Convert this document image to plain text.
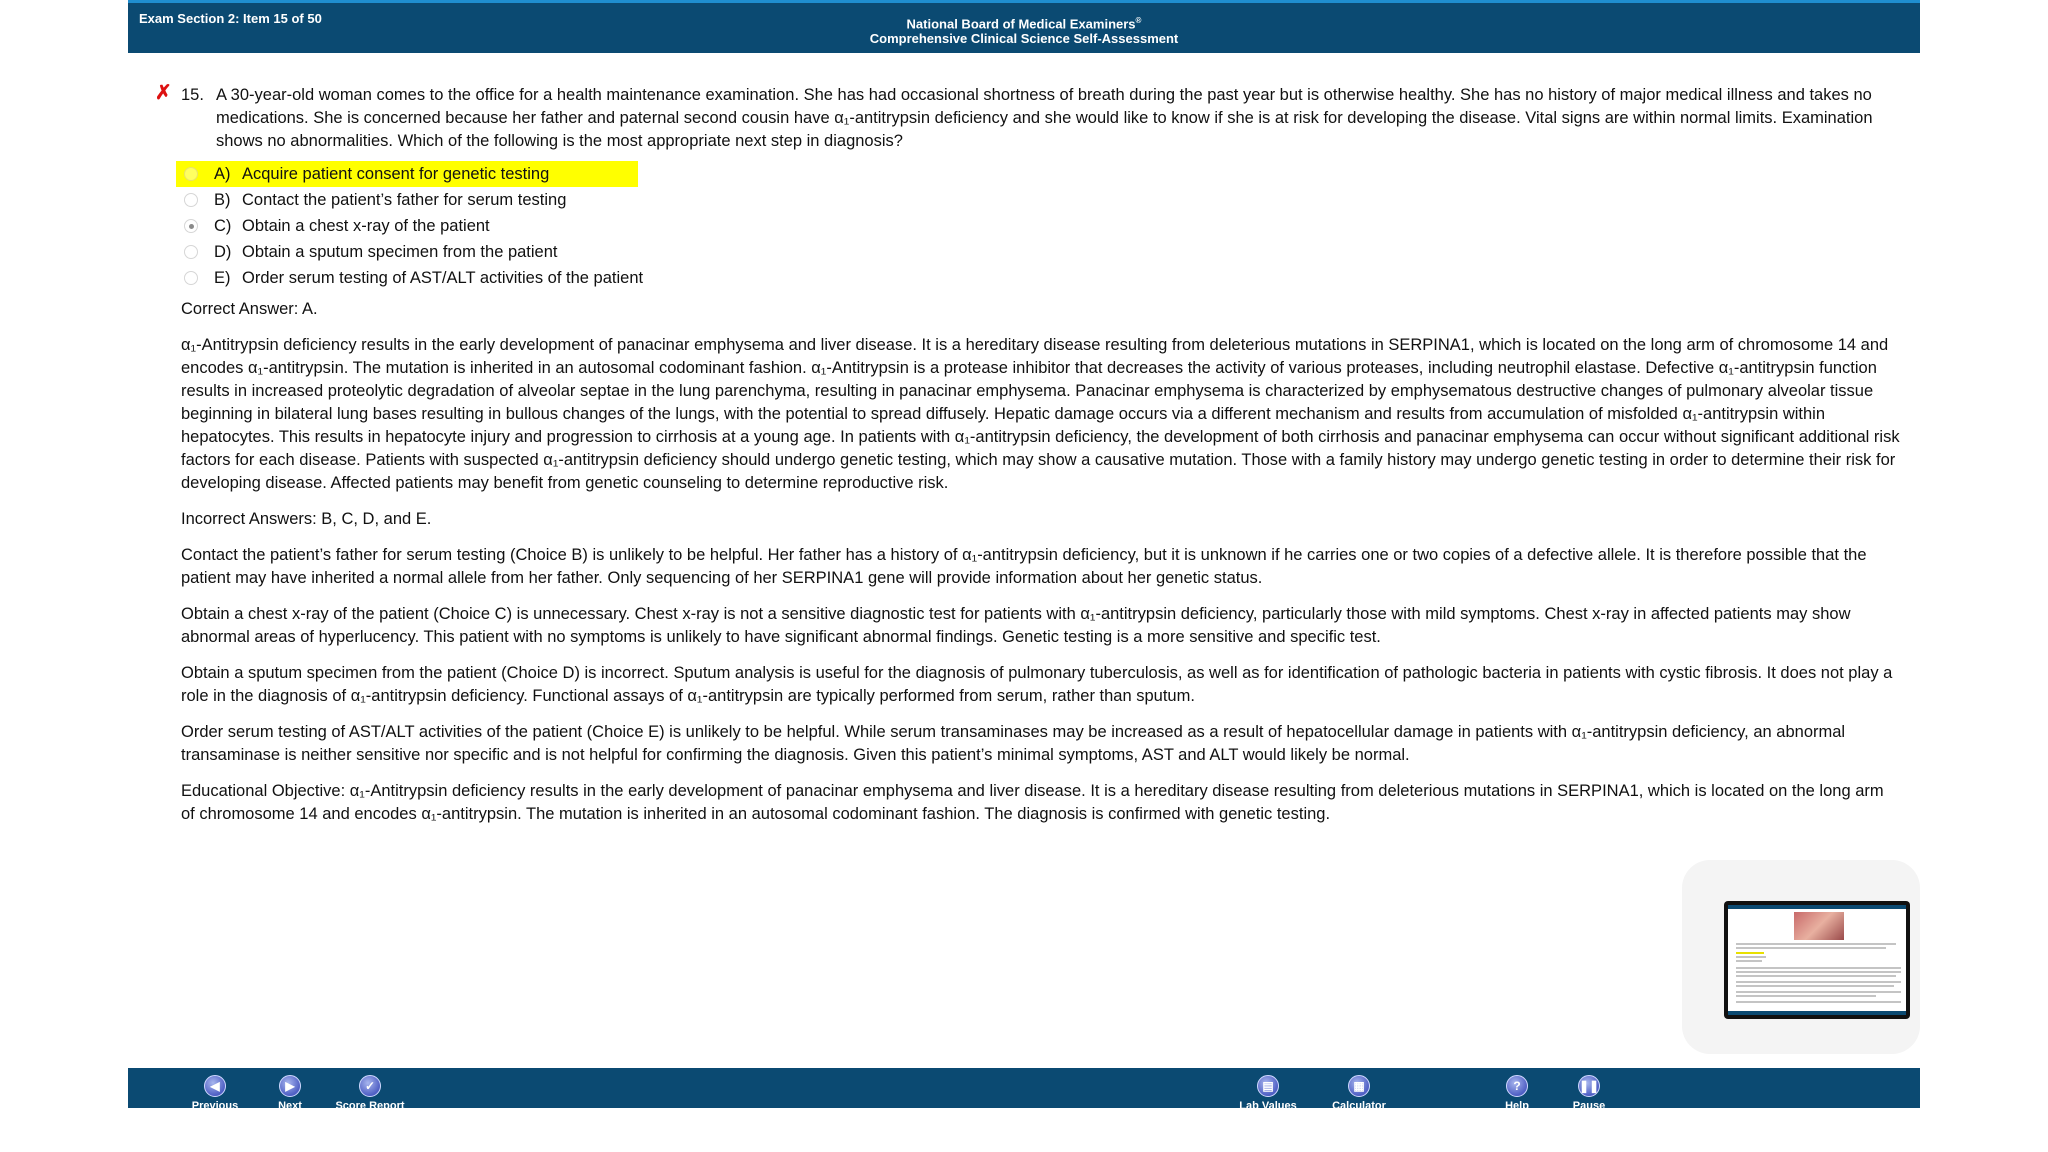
Exam Section 2: Item 15 of 50	National Board of Medical Examiners®
Comprehensive Clinical Science Self-Assessment
✗ 15. A 30-year-old woman comes to the office for a health maintenance examination. She has had occasional shortness of breath during the past year but is otherwise healthy. She has no history of major medical illness and takes no medications. She is concerned because her father and paternal second cousin have α₁-antitrypsin deficiency and she would like to know if she is at risk for developing the disease. Vital signs are within normal limits. Examination shows no abnormalities. Which of the following is the most appropriate next step in diagnosis?
A) Acquire patient consent for genetic testing
B) Contact the patient’s father for serum testing
C) Obtain a chest x-ray of the patient
D) Obtain a sputum specimen from the patient
E) Order serum testing of AST/ALT activities of the patient
Correct Answer: A.

α₁-Antitrypsin deficiency results in the early development of panacinar emphysema and liver disease. It is a hereditary disease resulting from deleterious mutations in SERPINA1, which is located on the long arm of chromosome 14 and encodes α₁-antitrypsin. The mutation is inherited in an autosomal codominant fashion. α₁-Antitrypsin is a protease inhibitor that decreases the activity of various proteases, including neutrophil elastase. Defective α₁-antitrypsin function results in increased proteolytic degradation of alveolar septae in the lung parenchyma, resulting in panacinar emphysema. Panacinar emphysema is characterized by emphysematous destructive changes of pulmonary alveolar tissue beginning in bilateral lung bases resulting in bullous changes of the lungs, with the potential to spread diffusely. Hepatic damage occurs via a different mechanism and results from accumulation of misfolded α₁-antitrypsin within hepatocytes. This results in hepatocyte injury and progression to cirrhosis at a young age. In patients with α₁-antitrypsin deficiency, the development of both cirrhosis and panacinar emphysema can occur without significant additional risk factors for each disease. Patients with suspected α₁-antitrypsin deficiency should undergo genetic testing, which may show a causative mutation. Those with a family history may undergo genetic testing in order to determine their risk for developing disease. Affected patients may benefit from genetic counseling to determine reproductive risk.

Incorrect Answers: B, C, D, and E.

Contact the patient’s father for serum testing (Choice B) is unlikely to be helpful. Her father has a history of α₁-antitrypsin deficiency, but it is unknown if he carries one or two copies of a defective allele. It is therefore possible that the patient may have inherited a normal allele from her father. Only sequencing of her SERPINA1 gene will provide information about her genetic status.

Obtain a chest x-ray of the patient (Choice C) is unnecessary. Chest x-ray is not a sensitive diagnostic test for patients with α₁-antitrypsin deficiency, particularly those with mild symptoms. Chest x-ray in affected patients may show abnormal areas of hyperlucency. This patient with no symptoms is unlikely to have significant abnormal findings. Genetic testing is a more sensitive and specific test.

Obtain a sputum specimen from the patient (Choice D) is incorrect. Sputum analysis is useful for the diagnosis of pulmonary tuberculosis, as well as for identification of pathologic bacteria in patients with cystic fibrosis. It does not play a role in the diagnosis of α₁-antitrypsin deficiency. Functional assays of α₁-antitrypsin are typically performed from serum, rather than sputum.

Order serum testing of AST/ALT activities of the patient (Choice E) is unlikely to be helpful. While serum transaminases may be increased as a result of hepatocellular damage in patients with α₁-antitrypsin deficiency, an abnormal transaminase is neither sensitive nor specific and is not helpful for confirming the diagnosis. Given this patient’s minimal symptoms, AST and ALT would likely be normal.

Educational Objective: α₁-Antitrypsin deficiency results in the early development of panacinar emphysema and liver disease. It is a hereditary disease resulting from deleterious mutations in SERPINA1, which is located on the long arm of chromosome 14 and encodes α₁-antitrypsin. The mutation is inherited in an autosomal codominant fashion. The diagnosis is confirmed with genetic testing.

◀
Previous
▶
Next
✓
Score Report
▤
Lab Values
▦
Calculator
?
Help
❚❚
Pause
